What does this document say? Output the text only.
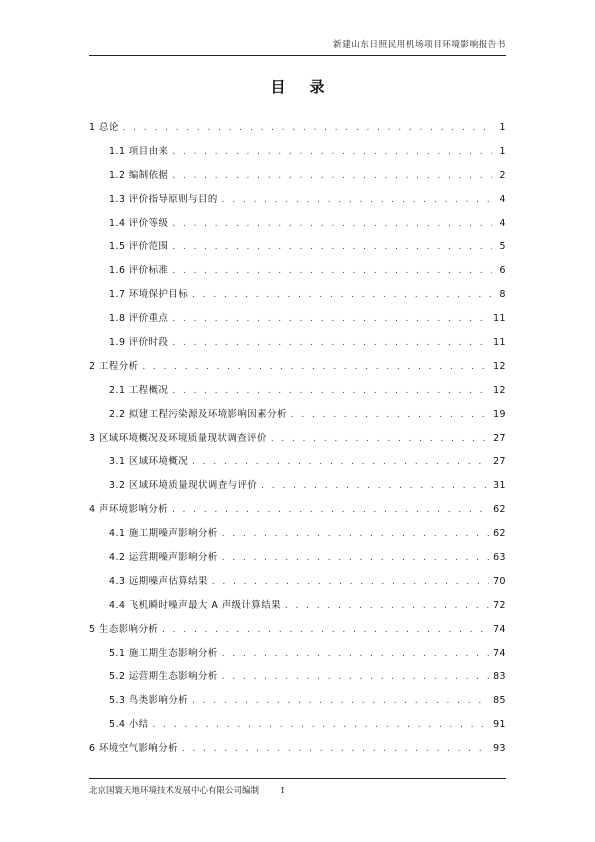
新建山东日照民用机场项目环境影响报告书
目 录
1 总论 . . .	1
1.1 项目由来 . . .	1
1.2 编制依据 . . .	2
1.3 评价指导原则与目的 . . .	4
1.4 评价等级 . . .	4
1.5 评价范围 . . .	5
1.6 评价标准 . . .	6
1.7 环境保护目标 . . .	8
1.8 评价重点 . . .	11
1.9 评价时段 . . .	11
2 工程分析 . . .	12
2.1 工程概况 . . .	12
2.2 拟建工程污染源及环境影响因素分析 . . .	19
3 区域环境概况及环境质量现状调查评价 . . .	27
3.1 区域环境概况 . . .	27
3.2 区域环境质量现状调查与评价 . . .	31
4 声环境影响分析 . . .	62
4.1 施工期噪声影响分析 . . .	62
4.2 运营期噪声影响分析 . . .	63
4.3 远期噪声估算结果 . . .	70
4.4 飞机瞬时噪声最大 A 声级计算结果 . . .	72
5 生态影响分析 . . .	74
5.1 施工期生态影响分析 . . .	74
5.2 运营期生态影响分析 . . .	83
5.3 鸟类影响分析 . . .	85
5.4 小结 . . .	91
6 环境空气影响分析 . . .	93
北京国寰天地环境技术发展中心有限公司编制	I
